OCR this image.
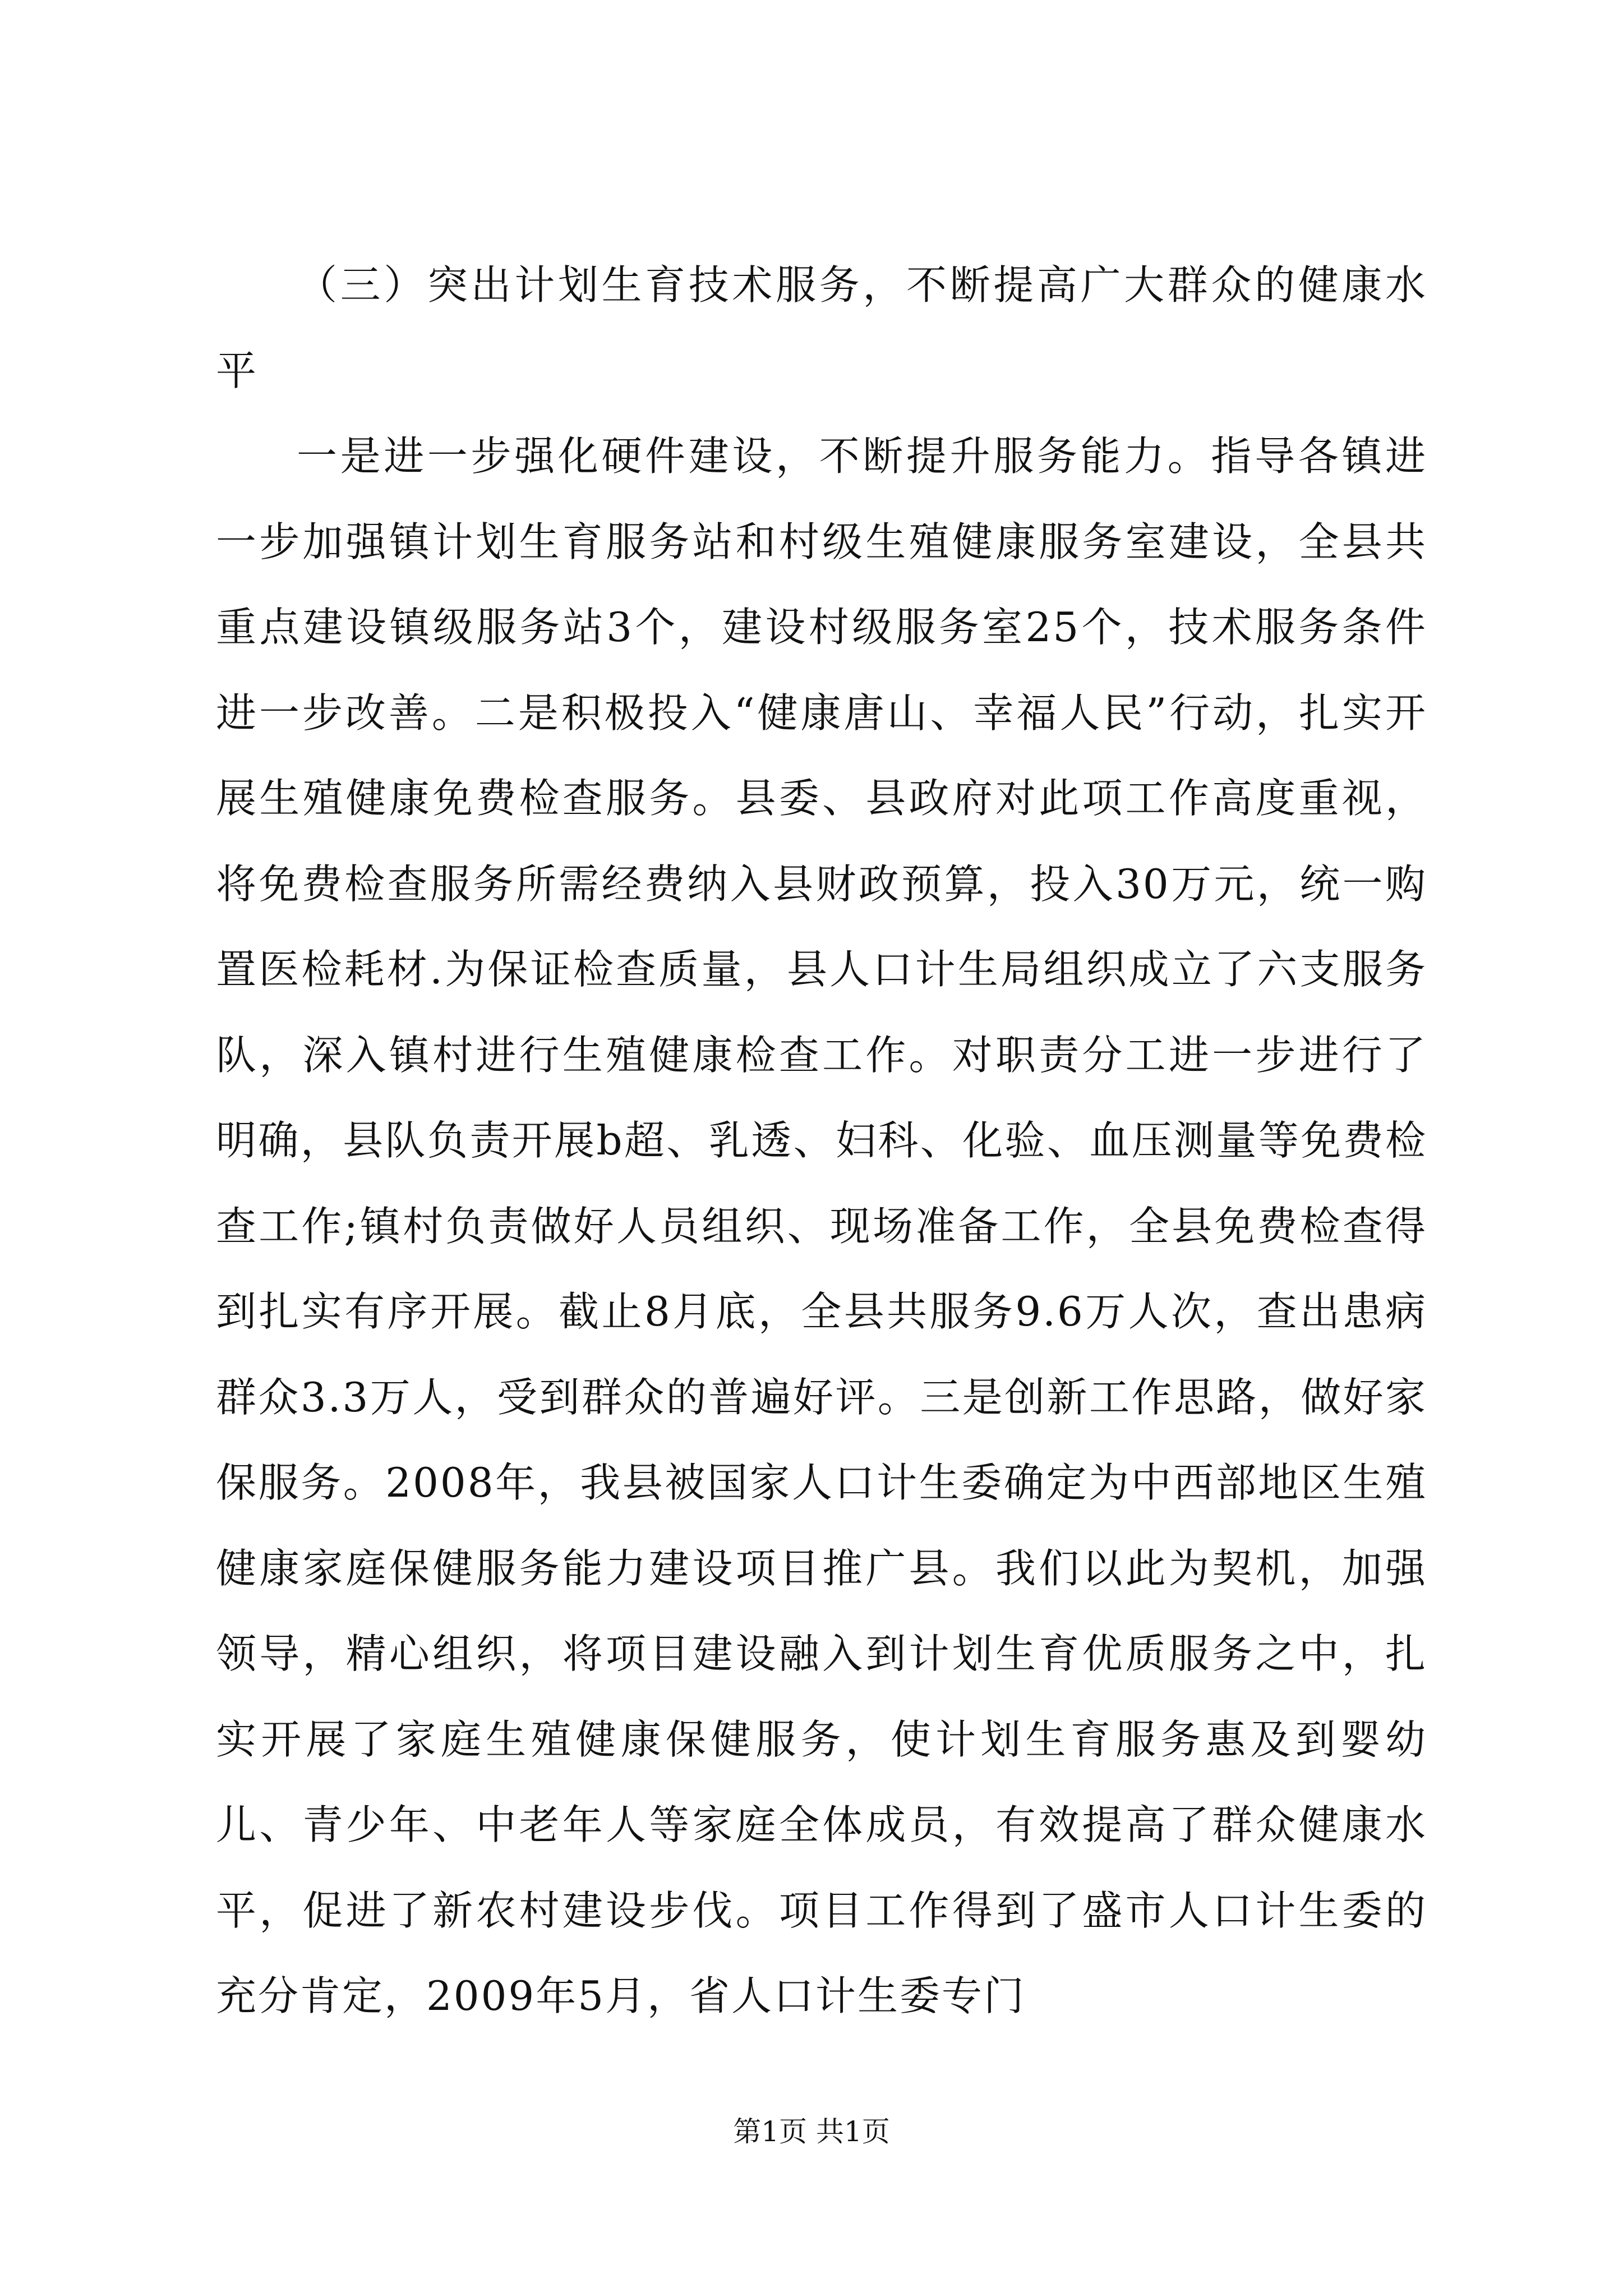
（三）突出计划生育技术服务，不断提高广大群众的健康水平

一是进一步强化硬件建设，不断提升服务能力。指导各镇进一步加强镇计划生育服务站和村级生殖健康服务室建设，全县共重点建设镇级服务站3个，建设村级服务室25个，技术服务条件进一步改善。二是积极投入“健康唐山、幸福人民”行动，扎实开展生殖健康免费检查服务。县委、县政府对此项工作高度重视，将免费检查服务所需经费纳入县财政预算，投入30万元，统一购置医检耗材.为保证检查质量，县人口计生局组织成立了六支服务队，深入镇村进行生殖健康检查工作。对职责分工进一步进行了明确，县队负责开展b超、乳透、妇科、化验、血压测量等免费检查工作;镇村负责做好人员组织、现场准备工作，全县免费检查得到扎实有序开展。截止8月底，全县共服务9.6万人次，查出患病群众3.3万人，受到群众的普遍好评。三是创新工作思路，做好家保服务。2008年，我县被国家人口计生委确定为中西部地区生殖健康家庭保健服务能力建设项目推广县。我们以此为契机，加强领导，精心组织，将项目建设融入到计划生育优质服务之中，扎实开展了家庭生殖健康保健服务，使计划生育服务惠及到婴幼儿、青少年、中老年人等家庭全体成员，有效提高了群众健康水平，促进了新农村建设步伐。项目工作得到了盛市人口计生委的充分肯定，2009年5月，省人口计生委专门

第1页 共1页
